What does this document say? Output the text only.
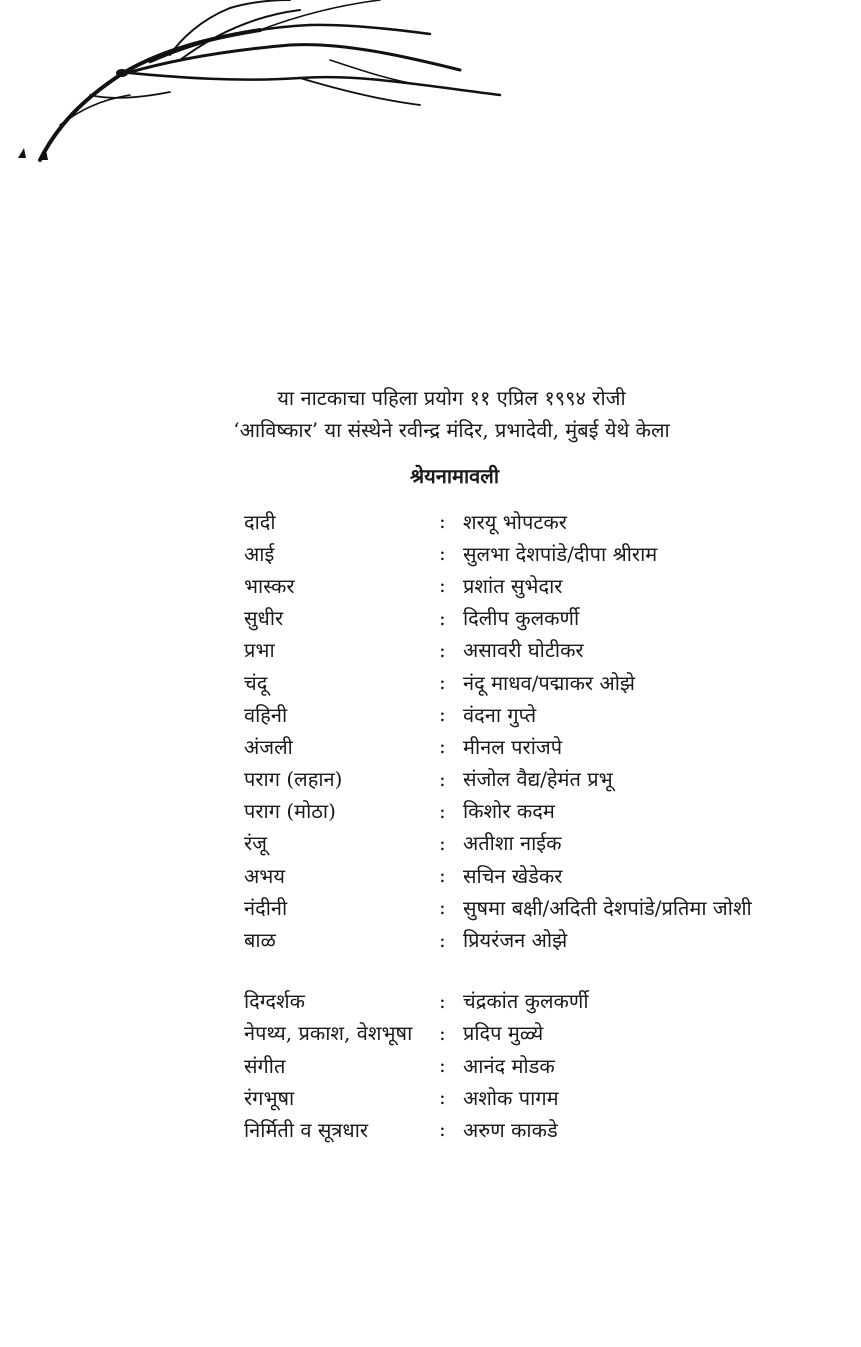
या नाटकाचा पहिला प्रयोग ११ एप्रिल १९९४ रोजी
‘आविष्कार’ या संस्थेने रवीन्द्र मंदिर, प्रभादेवी, मुंबई येथे केला
श्रेयनामावली
दादी	: शरयू भोपटकर
आई	: सुलभा देशपांडे/दीपा श्रीराम
भास्कर	: प्रशांत सुभेदार
सुधीर	: दिलीप कुलकर्णी
प्रभा	: असावरी घोटीकर
चंदू	: नंदू माधव/पद्माकर ओझे
वहिनी	: वंदना गुप्ते
अंजली	: मीनल परांजपे
पराग (लहान)	: संजोल वैद्य/हेमंत प्रभू
पराग (मोठा)	: किशोर कदम
रंजू	: अतीशा नाईक
अभय	: सचिन खेडेकर
नंदीनी	: सुषमा बक्षी/अदिती देशपांडे/प्रतिमा जोशी
बाळ	: प्रियरंजन ओझे
दिग्दर्शक	: चंद्रकांत कुलकर्णी
नेपथ्य, प्रकाश, वेशभूषा	: प्रदिप मुळ्ये
संगीत	: आनंद मोडक
रंगभूषा	: अशोक पागम
निर्मिती व सूत्रधार	: अरुण काकडे
